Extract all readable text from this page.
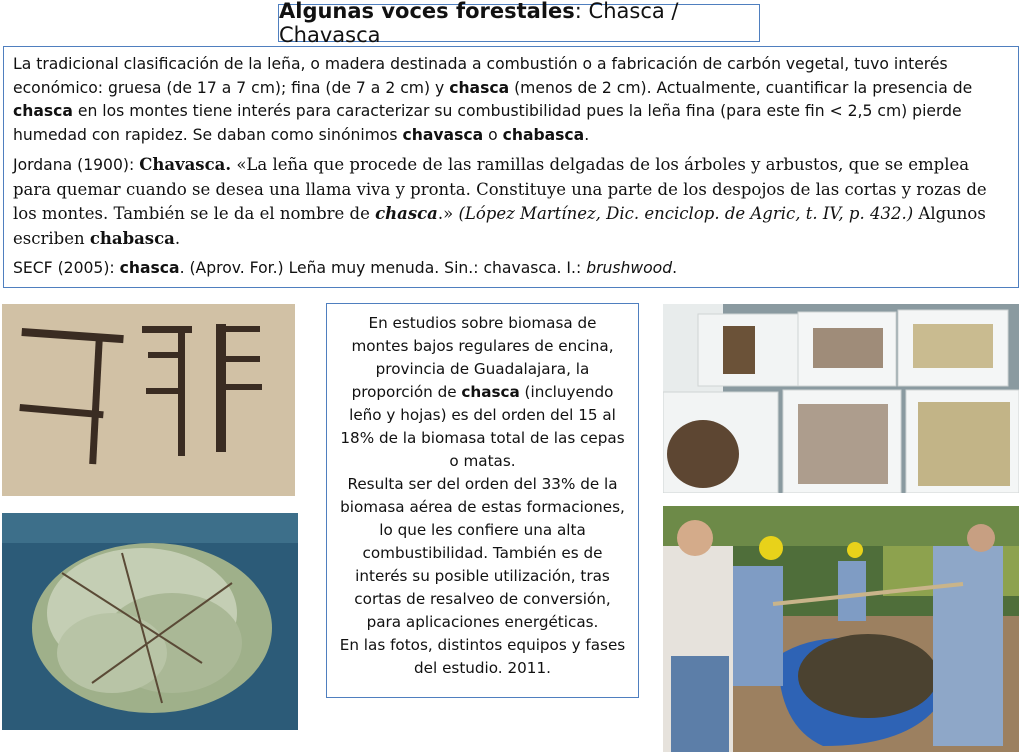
Algunas voces forestales: Chasca / Chavasca

La tradicional clasificación de la leña, o madera destinada a combustión o a fabricación de carbón vegetal, tuvo interés económico: gruesa (de 17 a 7 cm); fina (de 7 a 2 cm) y chasca (menos de 2 cm). Actualmente, cuantificar la presencia de chasca en los montes tiene interés para caracterizar su combustibilidad pues la leña fina (para este fin < 2,5 cm) pierde humedad con rapidez. Se daban como sinónimos chavasca o chabasca.

Jordana (1900): Chavasca. «La leña que procede de las ramillas delgadas de los árboles y arbustos, que se emplea para quemar cuando se desea una llama viva y pronta. Constituye una parte de los despojos de las cortas y rozas de los montes. También se le da el nombre de chasca.» (López Martínez, Dic. enciclop. de Agric, t. IV, p. 432.) Algunos escriben chabasca.

SECF (2005): chasca. (Aprov. For.) Leña muy menuda. Sin.: chavasca. I.: brushwood.

En estudios sobre biomasa de montes bajos regulares de encina, provincia de Guadalajara, la proporción de chasca (incluyendo leño y hojas) es del orden del 15 al 18% de la biomasa total de las cepas o matas.
Resulta ser del orden del 33% de la biomasa aérea de estas formaciones, lo que les confiere una alta combustibilidad. También es de interés su posible utilización, tras cortas de resalveo de conversión, para aplicaciones energéticas.
En las fotos, distintos equipos y fases del estudio. 2011.
